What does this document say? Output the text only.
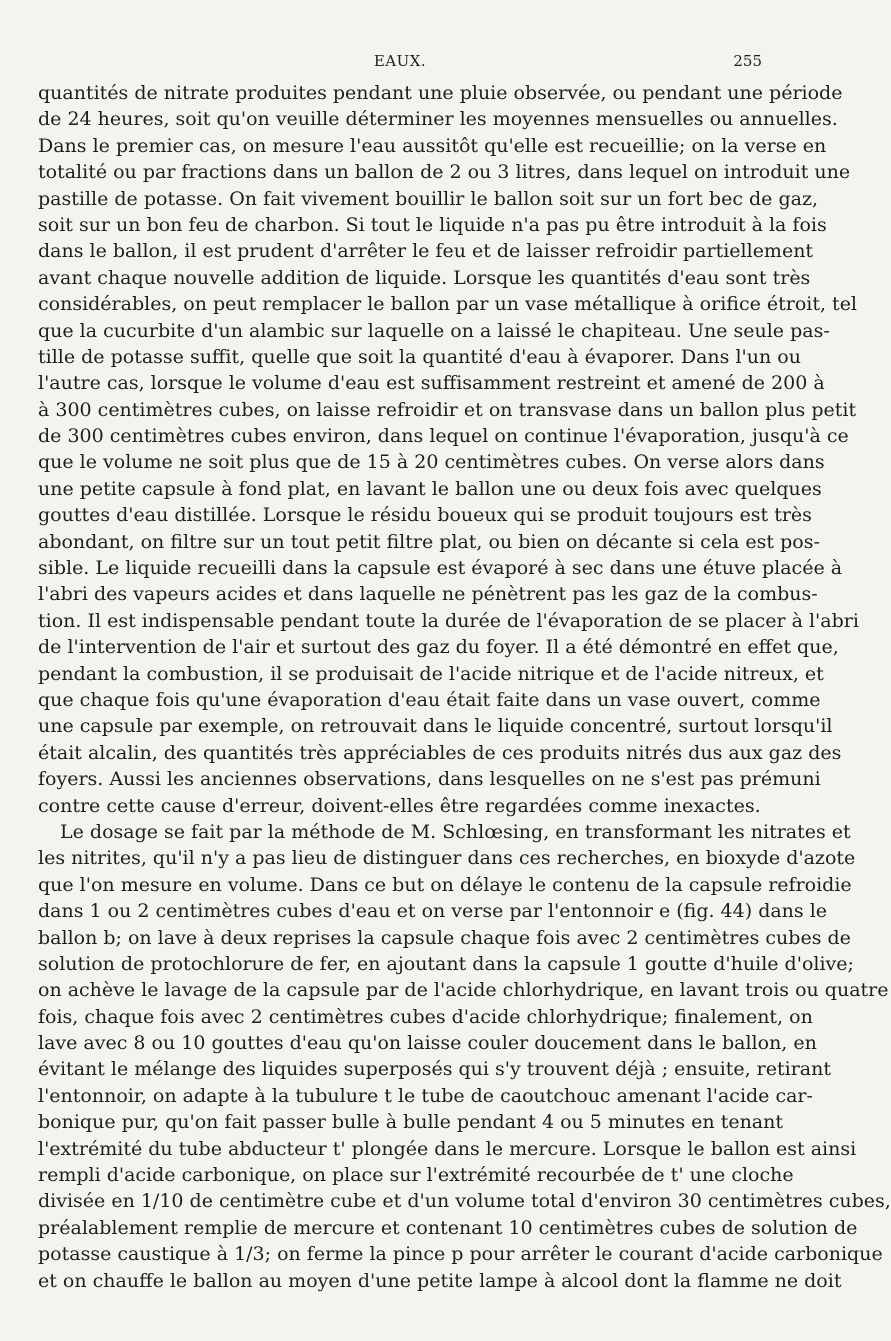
EAUX.	255
quantités de nitrate produites pendant une pluie observée, ou pendant une période
de 24 heures, soit qu'on veuille déterminer les moyennes mensuelles ou annuelles.
Dans le premier cas, on mesure l'eau aussitôt qu'elle est recueillie; on la verse en
totalité ou par fractions dans un ballon de 2 ou 3 litres, dans lequel on introduit une
pastille de potasse. On fait vivement bouillir le ballon soit sur un fort bec de gaz,
soit sur un bon feu de charbon. Si tout le liquide n'a pas pu être introduit à la fois
dans le ballon, il est prudent d'arrêter le feu et de laisser refroidir partiellement
avant chaque nouvelle addition de liquide. Lorsque les quantités d'eau sont très
considérables, on peut remplacer le ballon par un vase métallique à orifice étroit, tel
que la cucurbite d'un alambic sur laquelle on a laissé le chapiteau. Une seule pas-
tille de potasse suffit, quelle que soit la quantité d'eau à évaporer. Dans l'un ou
l'autre cas, lorsque le volume d'eau est suffisamment restreint et amené de 200 à
à 300 centimètres cubes, on laisse refroidir et on transvase dans un ballon plus petit
de 300 centimètres cubes environ, dans lequel on continue l'évaporation, jusqu'à ce
que le volume ne soit plus que de 15 à 20 centimètres cubes. On verse alors dans
une petite capsule à fond plat, en lavant le ballon une ou deux fois avec quelques
gouttes d'eau distillée. Lorsque le résidu boueux qui se produit toujours est très
abondant, on filtre sur un tout petit filtre plat, ou bien on décante si cela est pos-
sible. Le liquide recueilli dans la capsule est évaporé à sec dans une étuve placée à
l'abri des vapeurs acides et dans laquelle ne pénètrent pas les gaz de la combus-
tion. Il est indispensable pendant toute la durée de l'évaporation de se placer à l'abri
de l'intervention de l'air et surtout des gaz du foyer. Il a été démontré en effet que,
pendant la combustion, il se produisait de l'acide nitrique et de l'acide nitreux, et
que chaque fois qu'une évaporation d'eau était faite dans un vase ouvert, comme
une capsule par exemple, on retrouvait dans le liquide concentré, surtout lorsqu'il
était alcalin, des quantités très appréciables de ces produits nitrés dus aux gaz des
foyers. Aussi les anciennes observations, dans lesquelles on ne s'est pas prémuni
contre cette cause d'erreur, doivent-elles être regardées comme inexactes.
Le dosage se fait par la méthode de M. Schlœsing, en transformant les nitrates et
les nitrites, qu'il n'y a pas lieu de distinguer dans ces recherches, en bioxyde d'azote
que l'on mesure en volume. Dans ce but on délaye le contenu de la capsule refroidie
dans 1 ou 2 centimètres cubes d'eau et on verse par l'entonnoir e (fig. 44) dans le
ballon b; on lave à deux reprises la capsule chaque fois avec 2 centimètres cubes de
solution de protochlorure de fer, en ajoutant dans la capsule 1 goutte d'huile d'olive;
on achève le lavage de la capsule par de l'acide chlorhydrique, en lavant trois ou quatre
fois, chaque fois avec 2 centimètres cubes d'acide chlorhydrique; finalement, on
lave avec 8 ou 10 gouttes d'eau qu'on laisse couler doucement dans le ballon, en
évitant le mélange des liquides superposés qui s'y trouvent déjà ; ensuite, retirant
l'entonnoir, on adapte à la tubulure t le tube de caoutchouc amenant l'acide car-
bonique pur, qu'on fait passer bulle à bulle pendant 4 ou 5 minutes en tenant
l'extrémité du tube abducteur t' plongée dans le mercure. Lorsque le ballon est ainsi
rempli d'acide carbonique, on place sur l'extrémité recourbée de t' une cloche
divisée en 1/10 de centimètre cube et d'un volume total d'environ 30 centimètres cubes,
préalablement remplie de mercure et contenant 10 centimètres cubes de solution de
potasse caustique à 1/3; on ferme la pince p pour arrêter le courant d'acide carbonique
et on chauffe le ballon au moyen d'une petite lampe à alcool dont la flamme ne doit
